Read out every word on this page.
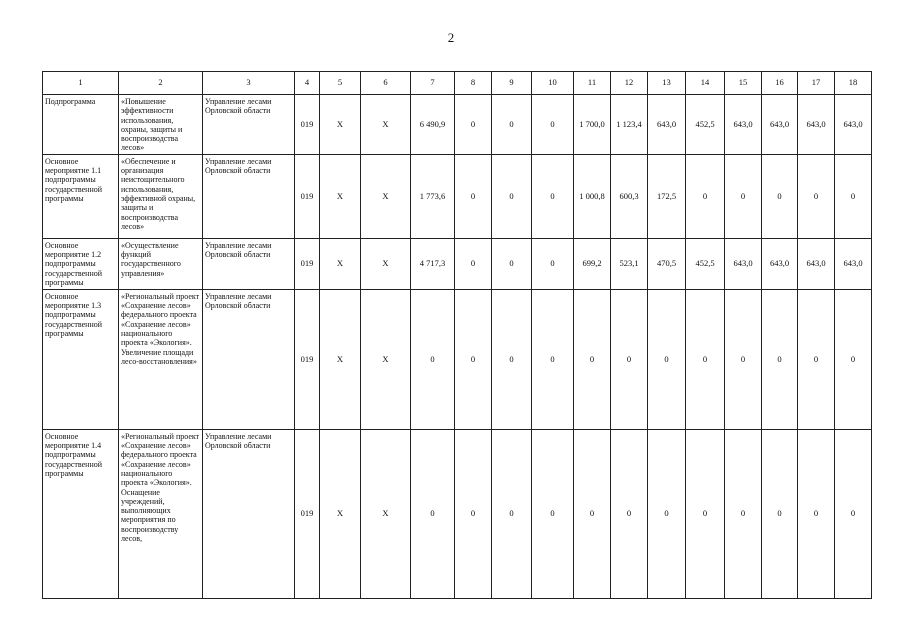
2
1	2	3	4	5	6	7	8	9	10	11	12	13	14	15	16	17	18
Подпрограмма	«Повышение эффективности использования, охраны, защиты и воспроизводства лесов»	Управление лесами Орловской области	019	X	X	6 490,9	0	0	0	1 700,0	1 123,4	643,0	452,5	643,0	643,0	643,0	643,0
Основное мероприятие 1.1 подпрограммы государственной программы	«Обеспечение и организация неистощительного использования, эффективной охраны, защиты и воспроизводства лесов»	Управление лесами Орловской области	019	X	X	1 773,6	0	0	0	1 000,8	600,3	172,5	0	0	0	0	0
Основное мероприятие 1.2 подпрограммы государственной программы	«Осуществление функций государственного управления»	Управление лесами Орловской области	019	X	X	4 717,3	0	0	0	699,2	523,1	470,5	452,5	643,0	643,0	643,0	643,0
Основное мероприятие 1.3 подпрограммы государственной программы	«Региональный проект «Сохранение лесов» федерального проекта «Сохранение лесов» национального проекта «Экология». Увеличение площади лесо-восстановления»	Управление лесами Орловской области	019	X	X	0	0	0	0	0	0	0	0	0	0	0	0
Основное мероприятие 1.4 подпрограммы государственной программы	«Региональный проект «Сохранение лесов» федерального проекта «Сохранение лесов» национального проекта «Экология». Оснащение учреждений, выполняющих мероприятия по воспроизводству лесов,	Управление лесами Орловской области	019	X	X	0	0	0	0	0	0	0	0	0	0	0	0
